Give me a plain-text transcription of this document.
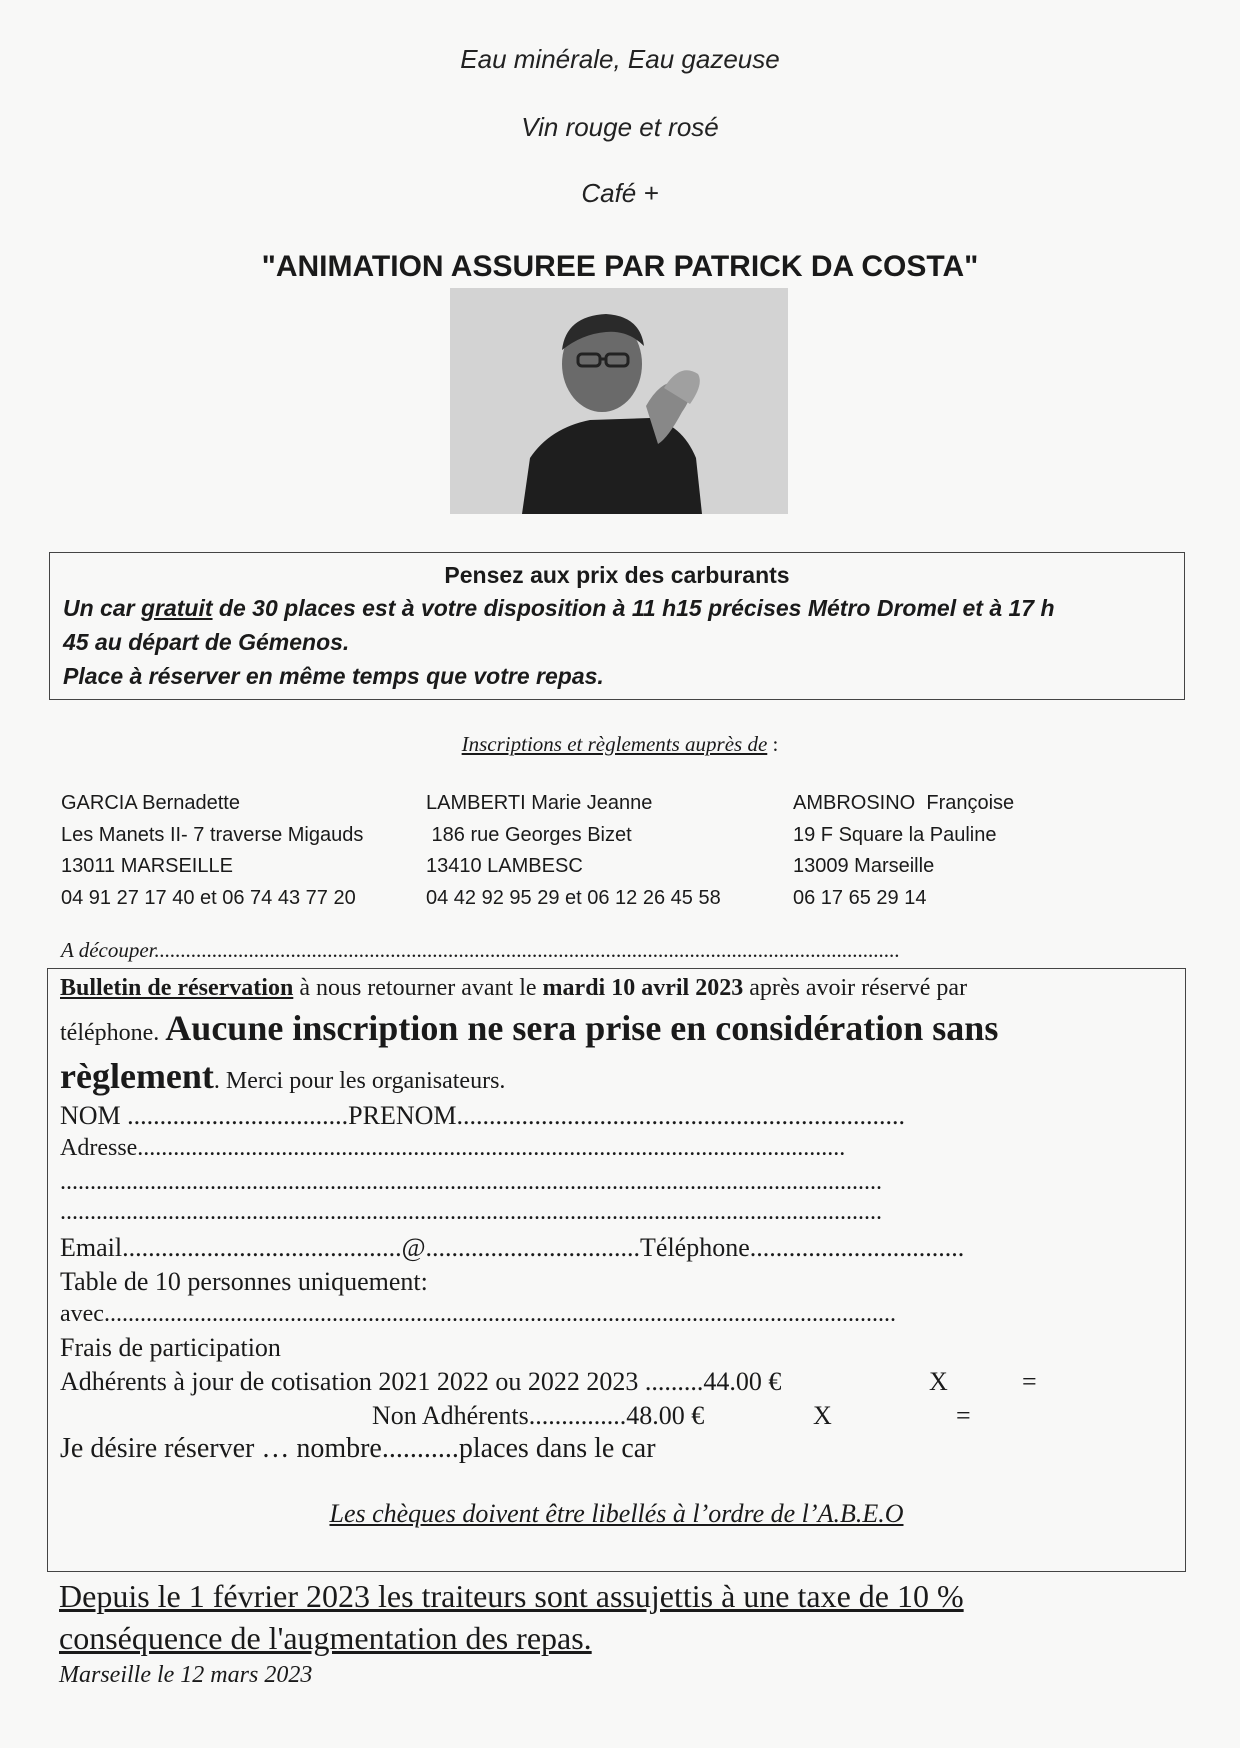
Eau minérale, Eau gazeuse
Vin rouge et rosé
Café +
"ANIMATION ASSUREE PAR PATRICK DA COSTA"
Pensez aux prix des carburants
Un car gratuit de 30 places est à votre disposition à 11 h15 précises Métro Dromel et à 17 h
45 au départ de Gémenos.
Place à réserver en même temps que votre repas.
Inscriptions et règlements auprès de :
GARCIA Bernadette
Les Manets II- 7 traverse Migauds
13011 MARSEILLE
04 91 27 17 40 et 06 74 43 77 20
LAMBERTI Marie Jeanne
186 rue Georges Bizet
13410 LAMBESC
04 42 92 95 29 et 06 12 26 45 58
AMBROSINO  Françoise
19 F Square la Pauline
13009 Marseille
06 17 65 29 14
A découper..............................................................................................................................................
Bulletin de réservation à nous retourner avant le mardi 10 avril 2023 après avoir réservé par
téléphone. Aucune inscription ne sera prise en considération sans
règlement. Merci pour les organisateurs.
NOM ..................................PRENOM.....................................................................
Adresse......................................................................................................................
.........................................................................................................................................
.........................................................................................................................................
Email...........................................@.................................Téléphone.................................
Table de 10 personnes uniquement:
avec....................................................................................................................................
Frais de participation
Adhérents à jour de cotisation 2021 2022 ou 2022 2023 .........44.00 €	X	=
Non Adhérents...............48.00 €	X	=
Je désire réserver … nombre...........places dans le car
Les chèques doivent être libellés à l’ordre de l’A.B.E.O
Depuis le 1 février 2023 les traiteurs sont assujettis à une taxe de 10 %
conséquence de l'augmentation des repas.
Marseille le 12 mars 2023
